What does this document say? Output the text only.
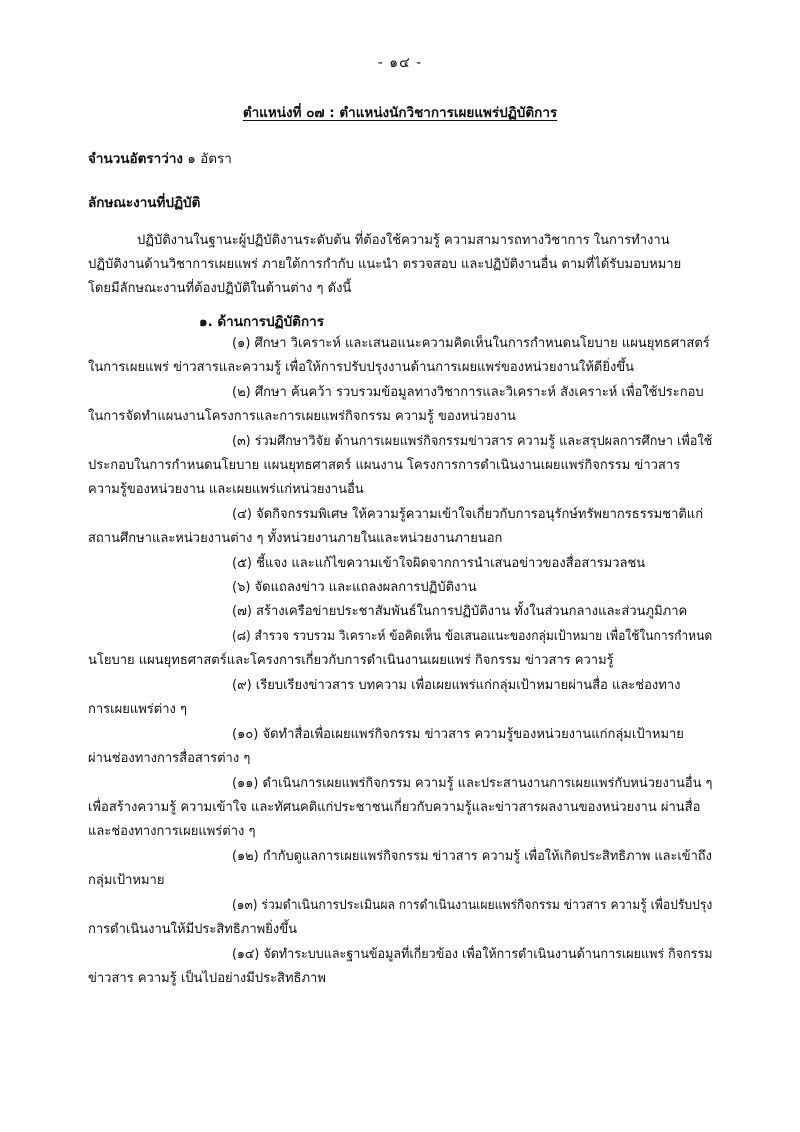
- ๑๔ -
ตำแหน่งที่ ๐๗ : ตำแหน่งนักวิชาการเผยแพร่ปฏิบัติการ
จำนวนอัตราว่าง ๑ อัตรา
ลักษณะงานที่ปฏิบัติ
ปฏิบัติงานในฐานะผู้ปฏิบัติงานระดับต้น ที่ต้องใช้ความรู้ ความสามารถทางวิชาการ ในการทำงาน
ปฏิบัติงานด้านวิชาการเผยแพร่ ภายใต้การกำกับ แนะนำ ตรวจสอบ และปฏิบัติงานอื่น ตามที่ได้รับมอบหมาย
โดยมีลักษณะงานที่ต้องปฏิบัติในด้านต่าง ๆ ดังนี้
๑. ด้านการปฏิบัติการ
(๑) ศึกษา วิเคราะห์ และเสนอแนะความคิดเห็นในการกำหนดนโยบาย แผนยุทธศาสตร์
ในการเผยแพร่ ข่าวสารและความรู้ เพื่อให้การปรับปรุงงานด้านการเผยแพร่ของหน่วยงานให้ดียิ่งขึ้น
(๒) ศึกษา ค้นคว้า รวบรวมข้อมูลทางวิชาการและวิเคราะห์ สังเคราะห์ เพื่อใช้ประกอบ
ในการจัดทำแผนงานโครงการและการเผยแพร่กิจกรรม ความรู้ ของหน่วยงาน
(๓) ร่วมศึกษาวิจัย ด้านการเผยแพร่กิจกรรมข่าวสาร ความรู้ และสรุปผลการศึกษา เพื่อใช้
ประกอบในการกำหนดนโยบาย แผนยุทธศาสตร์ แผนงาน โครงการการดำเนินงานเผยแพร่กิจกรรม ข่าวสาร
ความรู้ของหน่วยงาน และเผยแพร่แก่หน่วยงานอื่น
(๔) จัดกิจกรรมพิเศษ ให้ความรู้ความเข้าใจเกี่ยวกับการอนุรักษ์ทรัพยากรธรรมชาติแก่
สถานศึกษาและหน่วยงานต่าง ๆ ทั้งหน่วยงานภายในและหน่วยงานภายนอก
(๕) ชี้แจง และแก้ไขความเข้าใจผิดจากการนำเสนอข่าวของสื่อสารมวลชน
(๖) จัดแถลงข่าว และแถลงผลการปฏิบัติงาน
(๗) สร้างเครือข่ายประชาสัมพันธ์ในการปฏิบัติงาน ทั้งในส่วนกลางและส่วนภูมิภาค
(๘) สำรวจ รวบรวม วิเคราะห์ ข้อคิดเห็น ข้อเสนอแนะของกลุ่มเป้าหมาย เพื่อใช้ในการกำหนด
นโยบาย แผนยุทธศาสตร์และโครงการเกี่ยวกับการดำเนินงานเผยแพร่ กิจกรรม ข่าวสาร ความรู้
(๙) เรียบเรียงข่าวสาร บทความ เพื่อเผยแพร่แก่กลุ่มเป้าหมายผ่านสื่อ และช่องทาง
การเผยแพร่ต่าง ๆ
(๑๐) จัดทำสื่อเพื่อเผยแพร่กิจกรรม ข่าวสาร ความรู้ของหน่วยงานแก่กลุ่มเป้าหมาย
ผ่านช่องทางการสื่อสารต่าง ๆ
(๑๑) ดำเนินการเผยแพร่กิจกรรม ความรู้ และประสานงานการเผยแพร่กับหน่วยงานอื่น ๆ
เพื่อสร้างความรู้ ความเข้าใจ และทัศนคติแก่ประชาชนเกี่ยวกับความรู้และข่าวสารผลงานของหน่วยงาน ผ่านสื่อ
และช่องทางการเผยแพร่ต่าง ๆ
(๑๒) กำกับดูแลการเผยแพร่กิจกรรม ข่าวสาร ความรู้ เพื่อให้เกิดประสิทธิภาพ และเข้าถึง
กลุ่มเป้าหมาย
(๑๓) ร่วมดำเนินการประเมินผล การดำเนินงานเผยแพร่กิจกรรม ข่าวสาร ความรู้ เพื่อปรับปรุง
การดำเนินงานให้มีประสิทธิภาพยิ่งขึ้น
(๑๔) จัดทำระบบและฐานข้อมูลที่เกี่ยวข้อง เพื่อให้การดำเนินงานด้านการเผยแพร่ กิจกรรม
ข่าวสาร ความรู้ เป็นไปอย่างมีประสิทธิภาพ
